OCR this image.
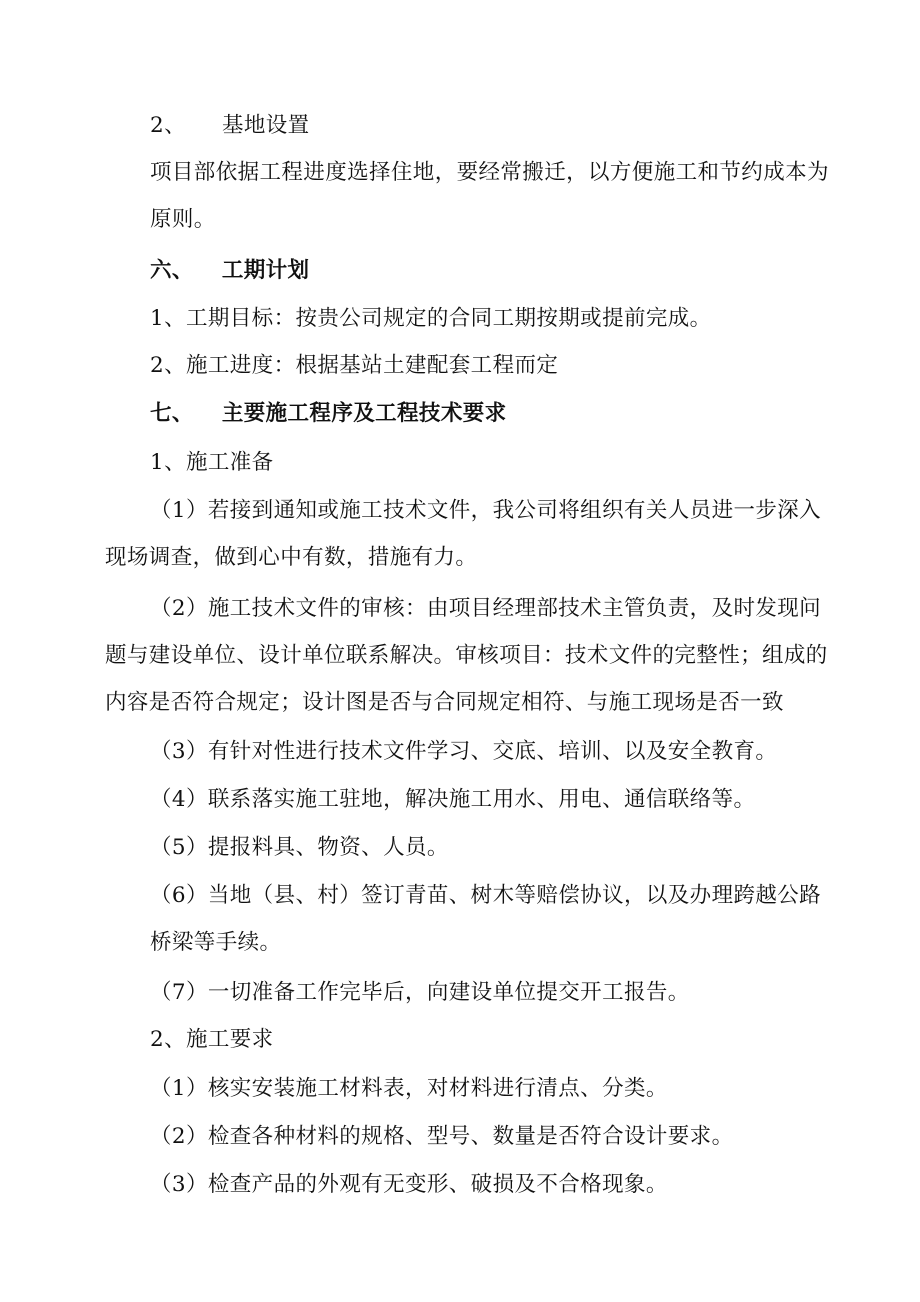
2、 基地设置
项目部依据工程进度选择住地，要经常搬迁，以方便施工和节约成本为
原则。
六、 工期计划
1、工期目标：按贵公司规定的合同工期按期或提前完成。
2、施工进度：根据基站土建配套工程而定
七、 主要施工程序及工程技术要求
1、施工准备
（1）若接到通知或施工技术文件，我公司将组织有关人员进一步深入
现场调查，做到心中有数，措施有力。
（2）施工技术文件的审核：由项目经理部技术主管负责，及时发现问
题与建设单位、设计单位联系解决。审核项目：技术文件的完整性；组成的
内容是否符合规定；设计图是否与合同规定相符、与施工现场是否一致
（3）有针对性进行技术文件学习、交底、培训、以及安全教育。
（4）联系落实施工驻地，解决施工用水、用电、通信联络等。
（5）提报料具、物资、人员。
（6）当地（县、村）签订青苗、树木等赔偿协议，以及办理跨越公路
桥梁等手续。
（7）一切准备工作完毕后，向建设单位提交开工报告。
2、施工要求
（1）核实安装施工材料表，对材料进行清点、分类。
（2）检查各种材料的规格、型号、数量是否符合设计要求。
（3）检查产品的外观有无变形、破损及不合格现象。
